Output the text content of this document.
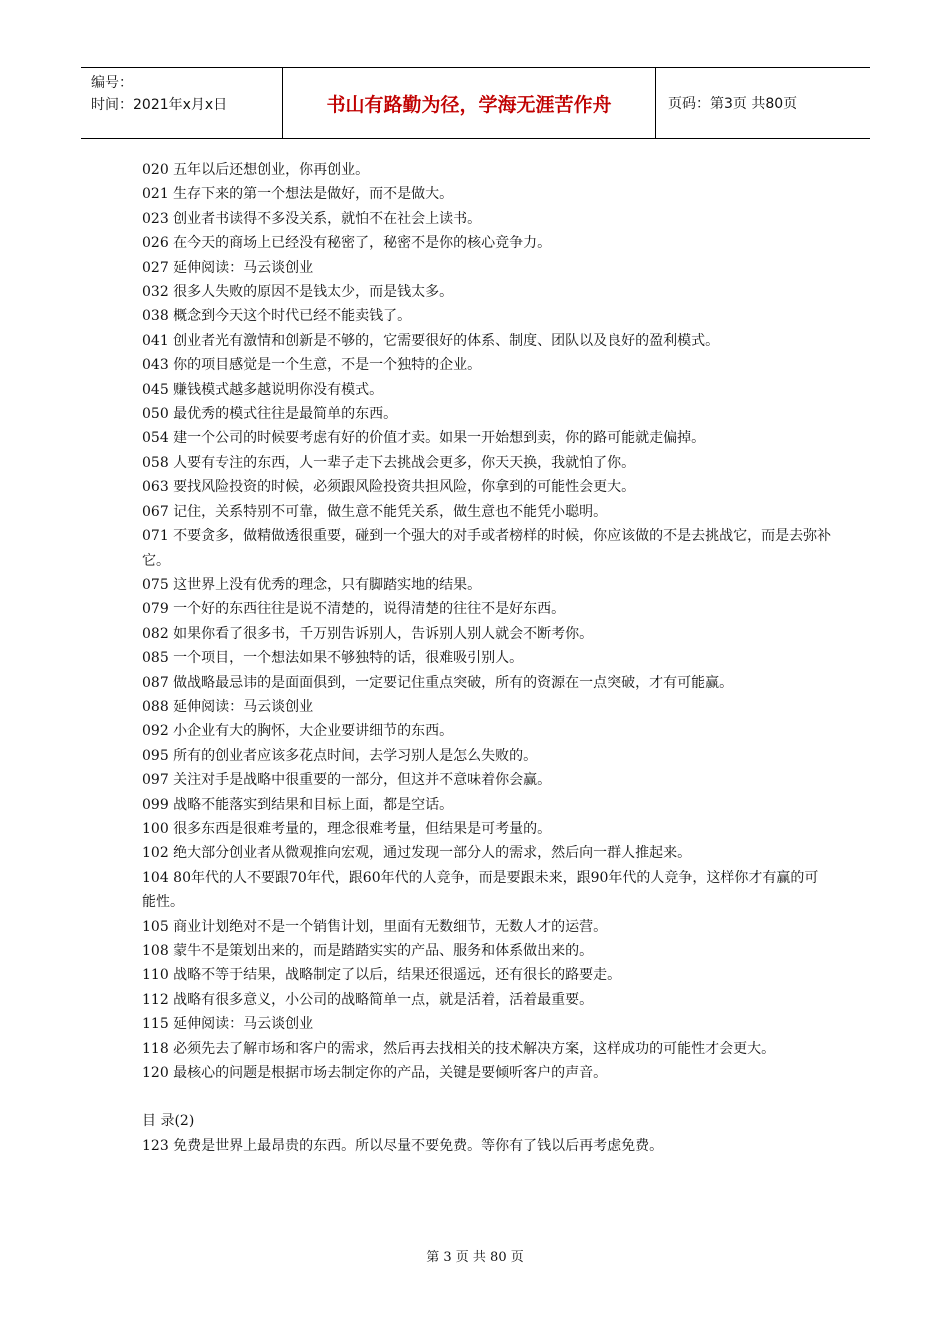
编号：
时间：2021年x月x日	书山有路勤为径，学海无涯苦作舟	页码：第3页 共80页

020 五年以后还想创业，你再创业。

021 生存下来的第一个想法是做好，而不是做大。

023 创业者书读得不多没关系，就怕不在社会上读书。

026 在今天的商场上已经没有秘密了，秘密不是你的核心竞争力。

027 延伸阅读：马云谈创业

032 很多人失败的原因不是钱太少，而是钱太多。

038 概念到今天这个时代已经不能卖钱了。

041 创业者光有激情和创新是不够的，它需要很好的体系、制度、团队以及良好的盈利模式。

043 你的项目感觉是一个生意，不是一个独特的企业。

045 赚钱模式越多越说明你没有模式。

050 最优秀的模式往往是最简单的东西。

054 建一个公司的时候要考虑有好的价值才卖。如果一开始想到卖，你的路可能就走偏掉。

058 人要有专注的东西，人一辈子走下去挑战会更多，你天天换，我就怕了你。

063 要找风险投资的时候，必须跟风险投资共担风险，你拿到的可能性会更大。

067 记住，关系特别不可靠，做生意不能凭关系，做生意也不能凭小聪明。

071 不要贪多，做精做透很重要，碰到一个强大的对手或者榜样的时候，你应该做的不是去挑战它，而是去弥补它。

075 这世界上没有优秀的理念，只有脚踏实地的结果。

079 一个好的东西往往是说不清楚的，说得清楚的往往不是好东西。

082 如果你看了很多书，千万别告诉别人，告诉别人别人就会不断考你。

085 一个项目，一个想法如果不够独特的话，很难吸引别人。

087 做战略最忌讳的是面面俱到，一定要记住重点突破，所有的资源在一点突破，才有可能赢。

088 延伸阅读：马云谈创业

092 小企业有大的胸怀，大企业要讲细节的东西。

095 所有的创业者应该多花点时间，去学习别人是怎么失败的。

097 关注对手是战略中很重要的一部分，但这并不意味着你会赢。

099 战略不能落实到结果和目标上面，都是空话。

100 很多东西是很难考量的，理念很难考量，但结果是可考量的。

102 绝大部分创业者从微观推向宏观，通过发现一部分人的需求，然后向一群人推起来。

104 80年代的人不要跟70年代，跟60年代的人竞争，而是要跟未来，跟90年代的人竞争，这样你才有赢的可能性。

105 商业计划绝对不是一个销售计划，里面有无数细节，无数人才的运营。

108 蒙牛不是策划出来的，而是踏踏实实的产品、服务和体系做出来的。

110 战略不等于结果，战略制定了以后，结果还很遥远，还有很长的路要走。

112 战略有很多意义，小公司的战略简单一点，就是活着，活着最重要。

115 延伸阅读：马云谈创业

118 必须先去了解市场和客户的需求，然后再去找相关的技术解决方案，这样成功的可能性才会更大。

120 最核心的问题是根据市场去制定你的产品，关键是要倾听客户的声音。

目 录(2)

123 免费是世界上最昂贵的东西。所以尽量不要免费。等你有了钱以后再考虑免费。

第 3 页 共 80 页
